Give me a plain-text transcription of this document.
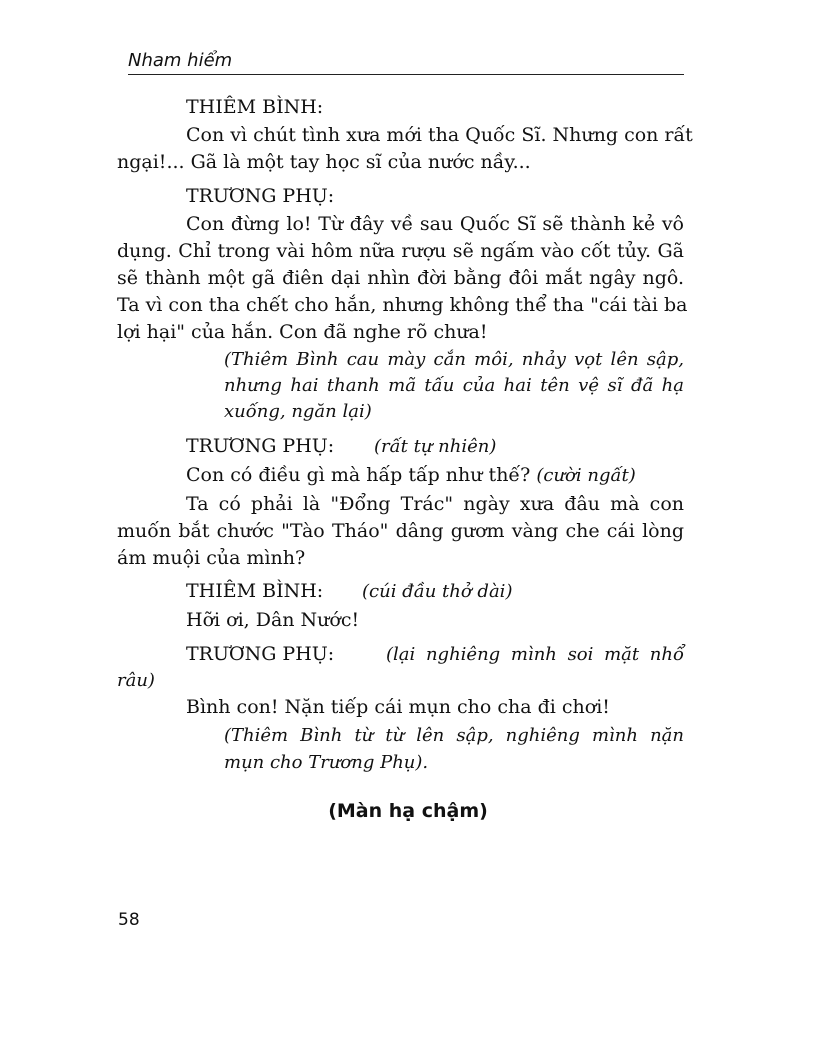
Nham hiểm
THIÊM BÌNH:
Con vì chút tình xưa mới tha Quốc Sĩ. Nhưng con rất
ngại!... Gã là một tay học sĩ của nước nầy...
TRƯƠNG PHỤ:
Con đừng lo! Từ đây về sau Quốc Sĩ sẽ thành kẻ vô
dụng. Chỉ trong vài hôm nữa rượu sẽ ngấm vào cốt tủy. Gã
sẽ thành một gã điên dại nhìn đời bằng đôi mắt ngây ngô.
Ta vì con tha chết cho hắn, nhưng không thể tha "cái tài ba
lợi hại" của hắn. Con đã nghe rõ chưa!
(Thiêm Bình cau mày cắn môi, nhảy vọt lên sập,
nhưng hai thanh mã tấu của hai tên vệ sĩ đã hạ
xuống, ngăn lại)
TRƯƠNG PHỤ: (rất tự nhiên)
Con có điều gì mà hấp tấp như thế? (cười ngất)
Ta có phải là "Đổng Trác" ngày xưa đâu mà con
muốn bắt chước "Tào Tháo" dâng gươm vàng che cái lòng
ám muội của mình?
THIÊM BÌNH: (cúi đầu thở dài)
Hỡi ơi, Dân Nước!
TRƯƠNG PHỤ:	(lại nghiêng mình soi mặt nhổ
râu)
Bình con! Nặn tiếp cái mụn cho cha đi chơi!
(Thiêm Bình từ từ lên sập, nghiêng mình nặn
mụn cho Trương Phụ).
(Màn hạ chậm)
58
